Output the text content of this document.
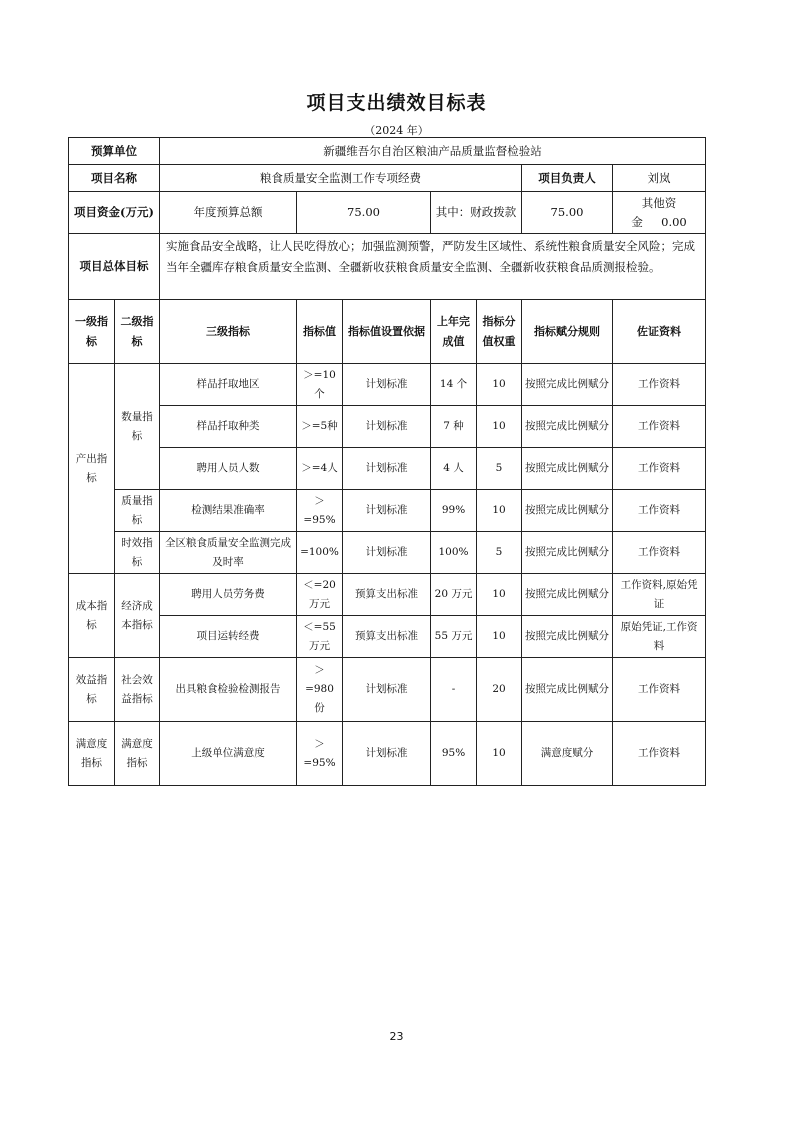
项目支出绩效目标表
（2024 年）
预算单位		新疆维吾尔自治区粮油产品质量监督检验站						
项目名称		粮食质量安全监测工作专项经费					项目负责人	刘岚
项目资金(万元)		年度预算总额	75.00		其中：财政拨款		75.00	其他资金 0.00
项目总体目标		实施食品安全战略，让人民吃得放心；加强监测预警，严防发生区域性、系统性粮食质量安全风险；完成当年全疆库存粮食质量安全监测、全疆新收获粮食质量安全监测、全疆新收获粮食品质测报检验。						
一级指标	二级指标	三级指标	指标值	指标值设置依据	上年完成值	指标分值权重	指标赋分规则	佐证资料
产出指标	数量指标	样品扦取地区	＞=10个	计划标准	14 个	10	按照完成比例赋分	工作资料
		样品扦取种类	＞=5种	计划标准	7 种	10	按照完成比例赋分	工作资料
		聘用人员人数	＞=4人	计划标准	4 人	5	按照完成比例赋分	工作资料
	质量指标	检测结果准确率	＞=95%	计划标准	99%	10	按照完成比例赋分	工作资料
	时效指标	全区粮食质量安全监测完成及时率	=100%	计划标准	100%	5	按照完成比例赋分	工作资料
成本指标	经济成本指标	聘用人员劳务费	＜=20万元	预算支出标准	20 万元	10	按照完成比例赋分	工作资料,原始凭证
		项目运转经费	＜=55万元	预算支出标准	55 万元	10	按照完成比例赋分	原始凭证,工作资料
效益指标	社会效益指标	出具粮食检验检测报告	＞=980份	计划标准	-	20	按照完成比例赋分	工作资料
满意度指标	满意度指标	上级单位满意度	＞=95%	计划标准	95%	10	满意度赋分	工作资料
23
